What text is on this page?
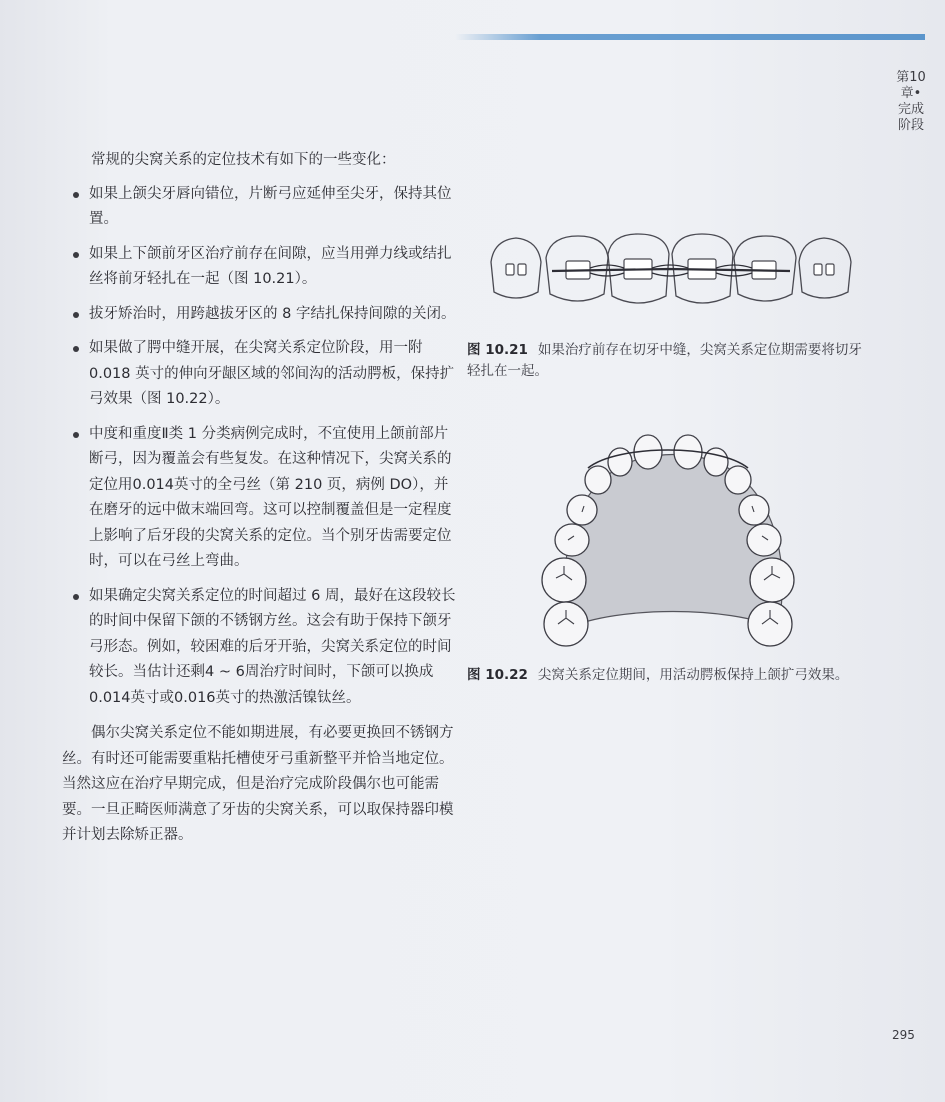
第10章•完成阶段

常规的尖窝关系的定位技术有如下的一些变化：

如果上颌尖牙唇向错位，片断弓应延伸至尖牙，保持其位置。
如果上下颌前牙区治疗前存在间隙，应当用弹力线或结扎丝将前牙轻扎在一起（图 10.21）。
拔牙矫治时，用跨越拔牙区的 8 字结扎保持间隙的关闭。
如果做了腭中缝开展，在尖窝关系定位阶段，用一附 0.018 英寸的伸向牙龈区域的邻间沟的活动腭板，保持扩弓效果（图 10.22）。
中度和重度Ⅱ类 1 分类病例完成时，不宜使用上颌前部片断弓，因为覆盖会有些复发。在这种情况下，尖窝关系的定位用0.014英寸的全弓丝（第 210 页，病例 DO），并在磨牙的远中做末端回弯。这可以控制覆盖但是一定程度上影响了后牙段的尖窝关系的定位。当个别牙齿需要定位时，可以在弓丝上弯曲。
如果确定尖窝关系定位的时间超过 6 周，最好在这段较长的时间中保留下颌的不锈钢方丝。这会有助于保持下颌牙弓形态。例如，较困难的后牙开骀，尖窝关系定位的时间较长。当估计还剩4 ~ 6周治疗时间时，下颌可以换成0.014英寸或0.016英寸的热激活镍钛丝。

偶尔尖窝关系定位不能如期进展，有必要更换回不锈钢方丝。有时还可能需要重粘托槽使牙弓重新整平并恰当地定位。当然这应在治疗早期完成，但是治疗完成阶段偶尔也可能需要。一旦正畸医师满意了牙齿的尖窝关系，可以取保持器印模并计划去除矫正器。

图 10.21 如果治疗前存在切牙中缝，尖窝关系定位期需要将切牙轻扎在一起。
图 10.22 尖窝关系定位期间，用活动腭板保持上颌扩弓效果。
295
